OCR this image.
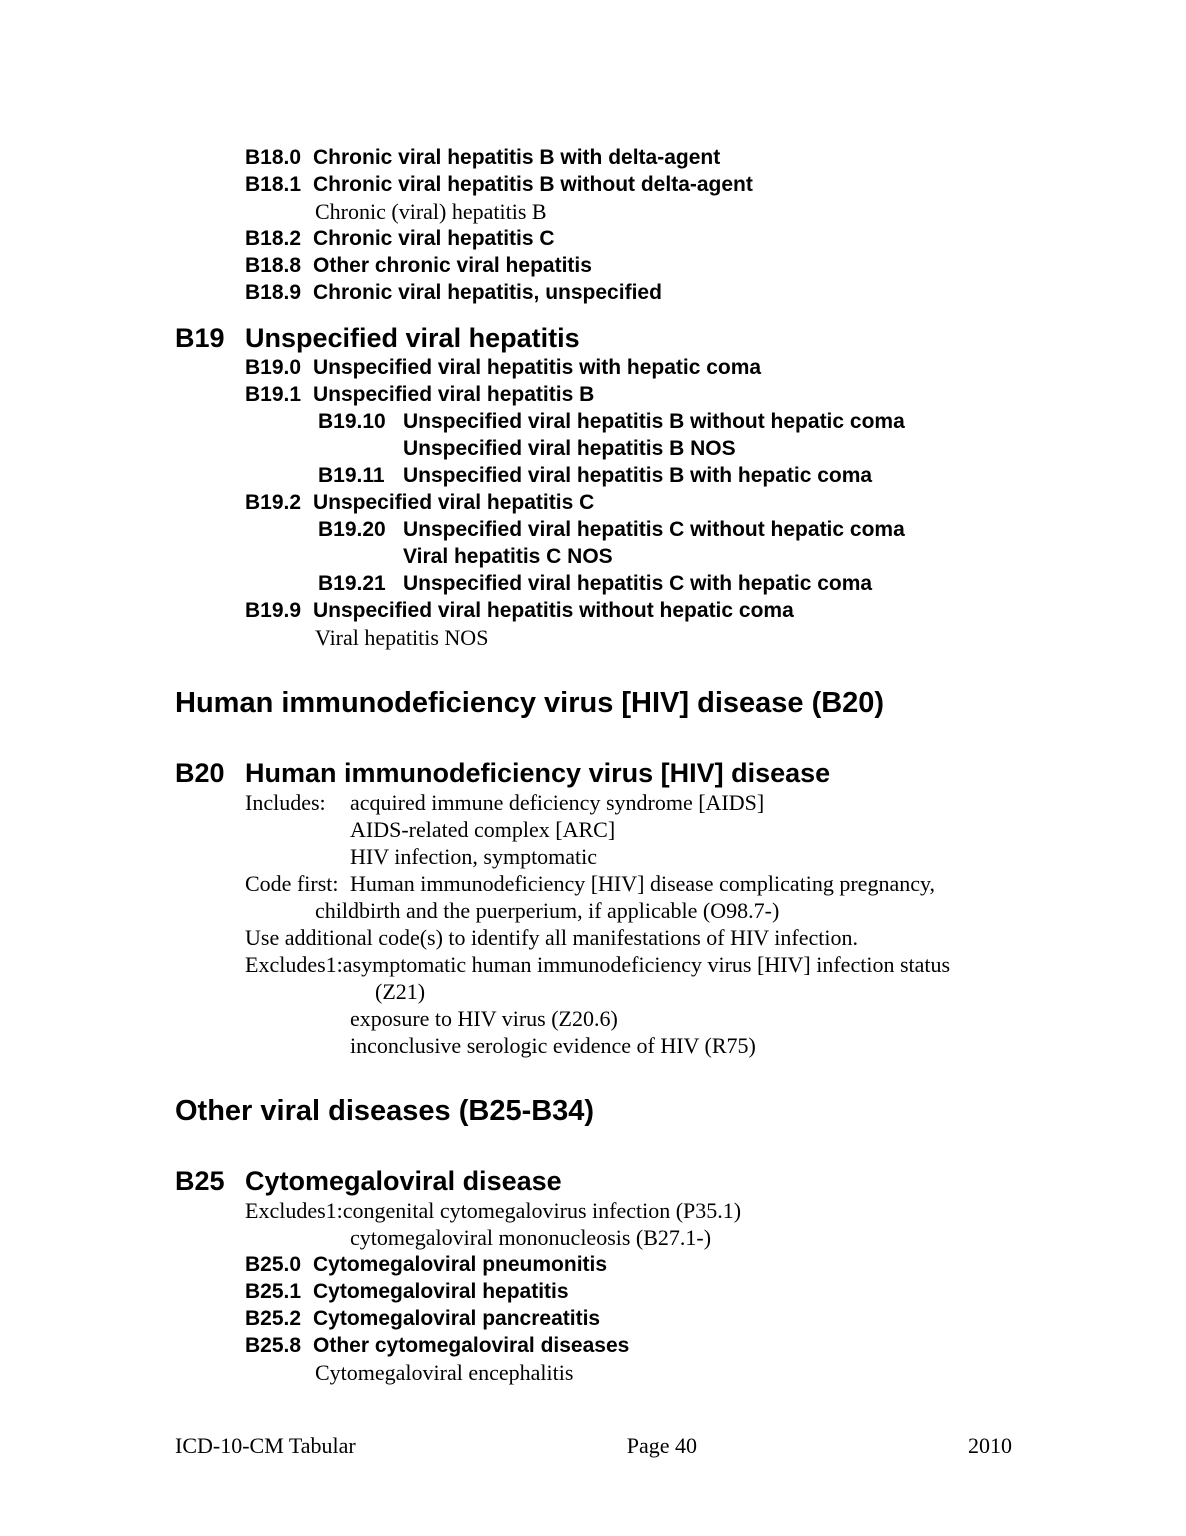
B18.0 Chronic viral hepatitis B with delta-agent
B18.1 Chronic viral hepatitis B without delta-agent
Chronic (viral) hepatitis B
B18.2 Chronic viral hepatitis C
B18.8 Other chronic viral hepatitis
B18.9 Chronic viral hepatitis, unspecified
B19 Unspecified viral hepatitis
B19.0 Unspecified viral hepatitis with hepatic coma
B19.1 Unspecified viral hepatitis B
B19.10 Unspecified viral hepatitis B without hepatic coma
Unspecified viral hepatitis B NOS
B19.11 Unspecified viral hepatitis B with hepatic coma
B19.2 Unspecified viral hepatitis C
B19.20 Unspecified viral hepatitis C without hepatic coma
Viral hepatitis C NOS
B19.21 Unspecified viral hepatitis C with hepatic coma
B19.9 Unspecified viral hepatitis without hepatic coma
Viral hepatitis NOS
Human immunodeficiency virus [HIV] disease (B20)
B20 Human immunodeficiency virus [HIV] disease
Includes: acquired immune deficiency syndrome [AIDS]
AIDS-related complex [ARC]
HIV infection, symptomatic
Code first: Human immunodeficiency [HIV] disease complicating pregnancy,
childbirth and the puerperium, if applicable (O98.7-)
Use additional code(s) to identify all manifestations of HIV infection.
Excludes1:asymptomatic human immunodeficiency virus [HIV] infection status
(Z21)
exposure to HIV virus (Z20.6)
inconclusive serologic evidence of HIV (R75)
Other viral diseases (B25-B34)
B25 Cytomegaloviral disease
Excludes1:congenital cytomegalovirus infection (P35.1)
cytomegaloviral mononucleosis (B27.1-)
B25.0 Cytomegaloviral pneumonitis
B25.1 Cytomegaloviral hepatitis
B25.2 Cytomegaloviral pancreatitis
B25.8 Other cytomegaloviral diseases
Cytomegaloviral encephalitis
ICD-10-CM Tabular	Page 40	2010
